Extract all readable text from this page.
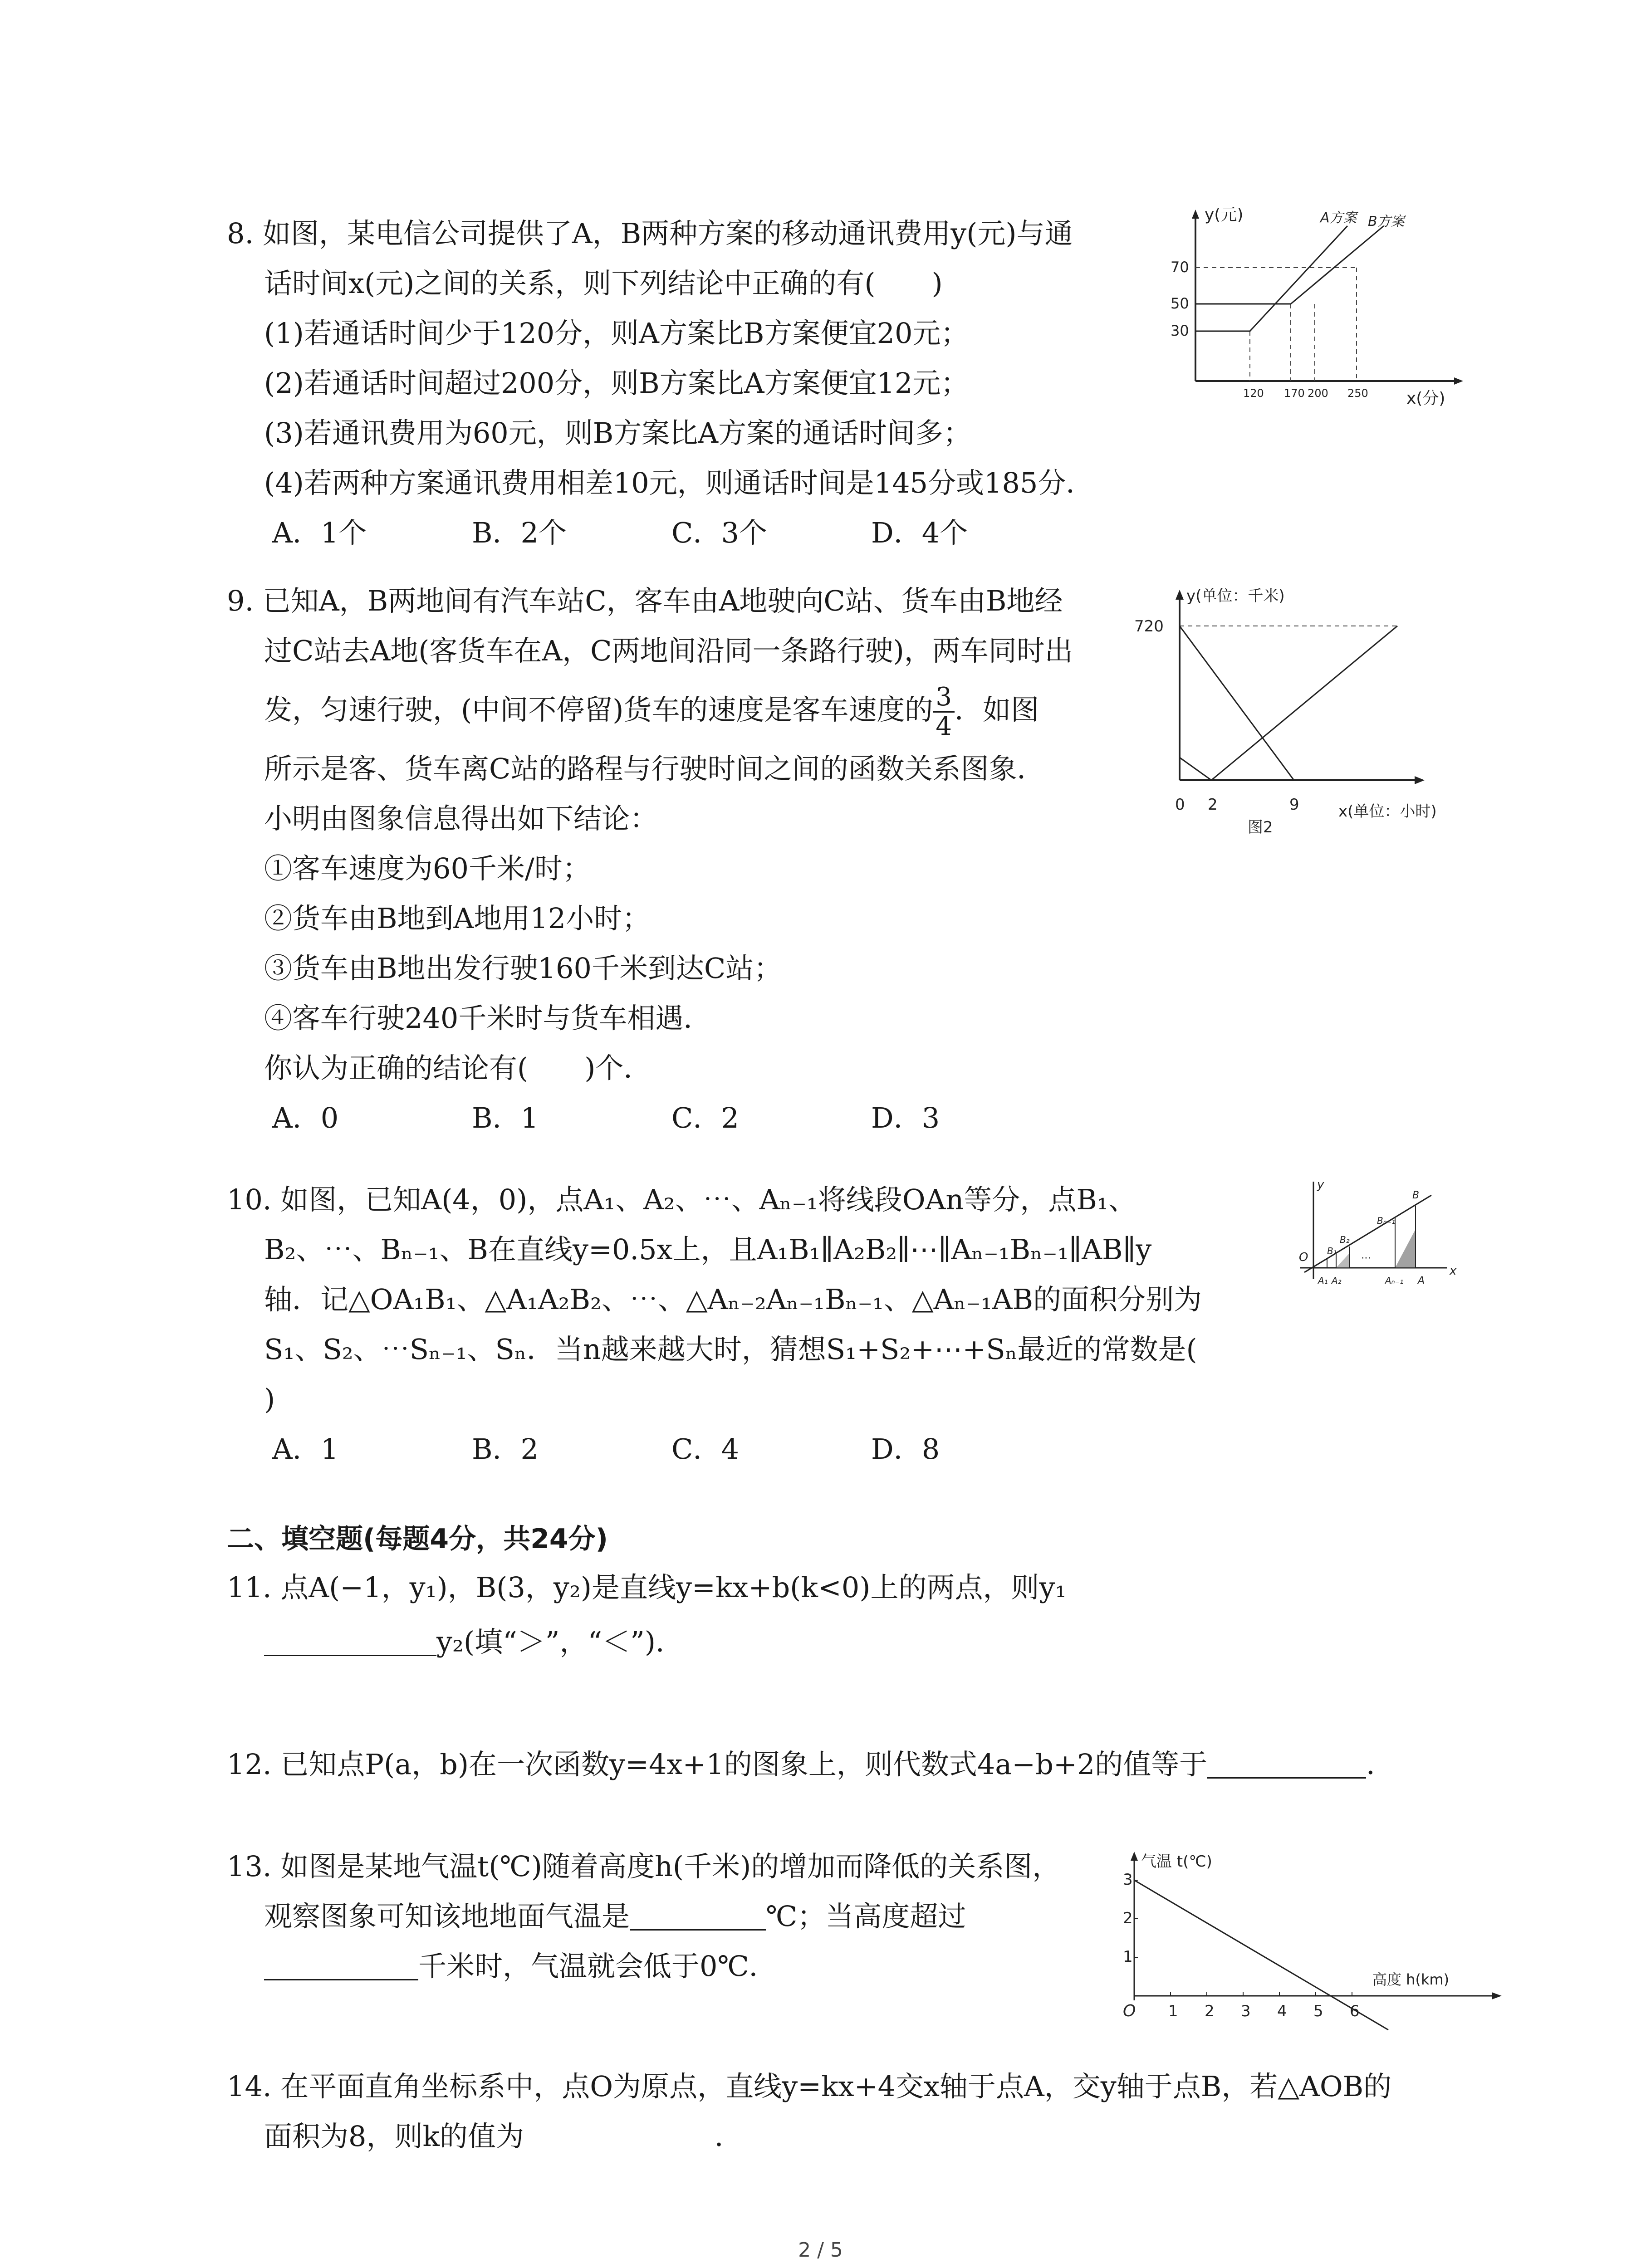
8. 如图，某电信公司提供了A，B两种方案的移动通讯费用y(元)与通
话时间x(元)之间的关系，则下列结论中正确的有(　　)
(1)若通话时间少于120分，则A方案比B方案便宜20元；
(2)若通话时间超过200分，则B方案比A方案便宜12元；
(3)若通讯费用为60元，则B方案比A方案的通话时间多；
(4)若两种方案通讯费用相差10元，则通话时间是145分或185分．
A．1个	B．2个	C．3个	D．4个
y(元)
x(分)
A方案 B方案
70
50
30
120 170 200 250
9. 已知A，B两地间有汽车站C，客车由A地驶向C站、货车由B地经
过C站去A地(客货车在A，C两地间沿同一条路行驶)，两车同时出
发，匀速行驶，(中间不停留)货车的速度是客车速度的 $\frac{3}{4}$ ．如图
所示是客、货车离C站的路程与行驶时间之间的函数关系图象．
小明由图象信息得出如下结论：
①客车速度为60千米/时；
②货车由B地到A地用12小时；
③货车由B地出发行驶160千米到达C站；
④客车行驶240千米时与货车相遇．
你认为正确的结论有(　　)个．
A．0	B．1	C．2	D．3
y(单位：千米)
x(单位：小时)
720
0 2	9
图2
10. 如图，已知A(4，0)，点A₁、A₂、⋯、Aₙ₋₁将线段OAn等分，点B₁、
B₂、⋯、Bₙ₋₁、B在直线y=0.5x上，且A₁B₁∥A₂B₂∥⋯∥Aₙ₋₁Bₙ₋₁∥AB∥y
轴．记△OA₁B₁、△A₁A₂B₂、⋯、△Aₙ₋₂Aₙ₋₁Bₙ₋₁、△Aₙ₋₁AB的面积分别为
S₁、S₂、⋯Sₙ₋₁、Sₙ．当n越来越大时，猜想S₁+S₂+⋯+Sₙ最近的常数是(
)
A．1	B．2	C．4	D．8
y
x
O
A₁ A₂	Aₙ₋₁ A
B₁
B₂
Bₙ₋₁
B
⋯
二、填空题(每题4分，共24分)
11. 点A(−1，y₁)，B(3，y₂)是直线y=kx+b(k<0)上的两点，则y₁
y₂(填“＞”，“＜”)．
12. 已知点P(a，b)在一次函数y=4x+1的图象上，则代数式4a−b+2的值等于	．
13. 如图是某地气温t(℃)随着高度h(千米)的增加而降低的关系图，
观察图象可知该地地面气温是	℃；当高度超过
千米时，气温就会低于0℃．
气温 t(℃)
高度 h(km)
O
3
2
1
1 2 3 4 5 6
14. 在平面直角坐标系中，点O为原点，直线y=kx+4交x轴于点A，交y轴于点B，若△AOB的
面积为8，则k的值为	．
2 / 5
